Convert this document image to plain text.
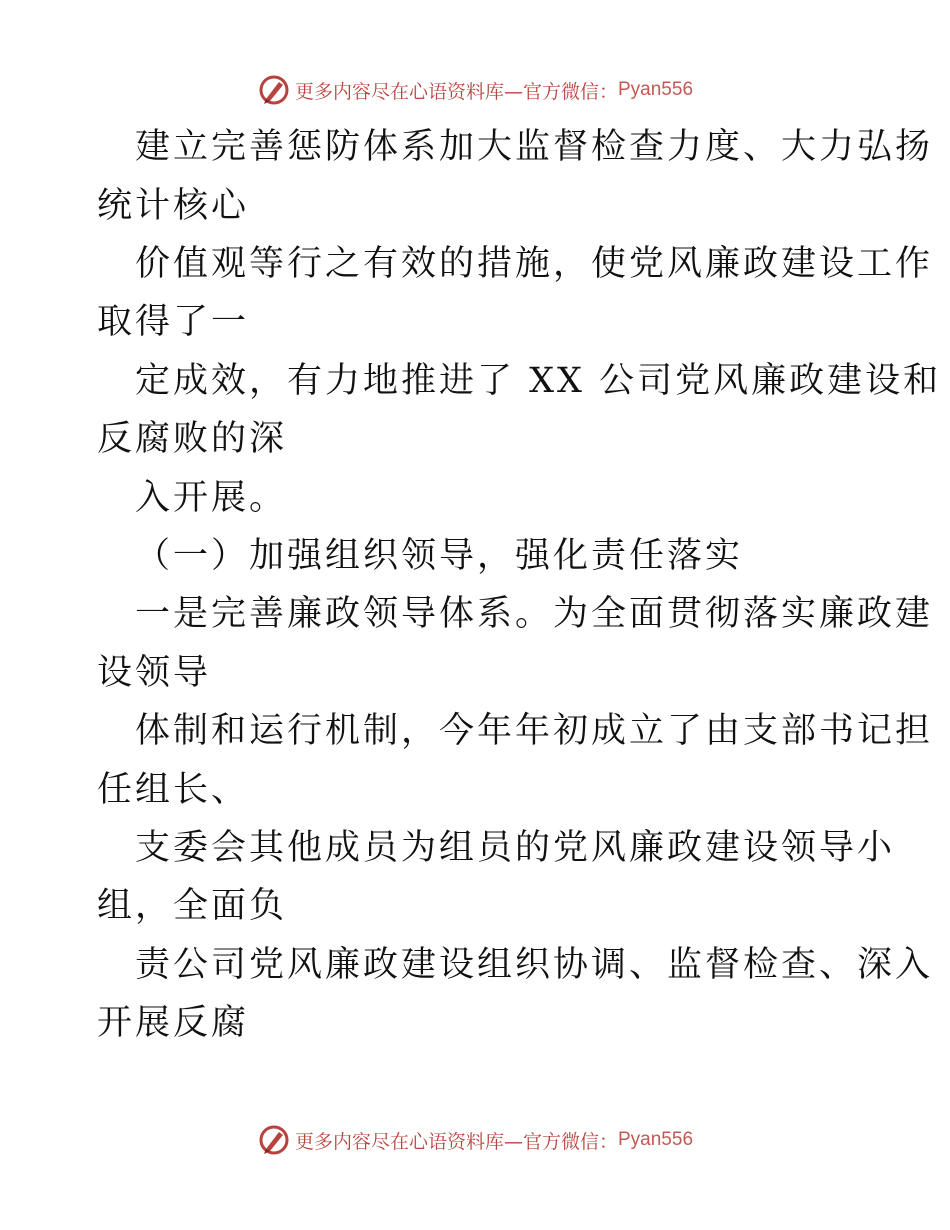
更多内容尽在心语资料库— 官方微信： Pyan556
建立完善惩防体系加大监督检查力度、大力弘扬
统计核心
价值观等行之有效的措施，使党风廉政建设工作
取得了一
定成效，有力地推进了 XX 公司党风廉政建设和
反腐败的深
入开展。
（一）加强组织领导，强化责任落实
一是完善廉政领导体系。为全面贯彻落实廉政建
设领导
体制和运行机制，今年年初成立了由支部书记担
任组长、
支委会其他成员为组员的党风廉政建设领导小
组，全面负
责公司党风廉政建设组织协调、监督检查、深入
开展反腐
更多内容尽在心语资料库— 官方微信： Pyan556
